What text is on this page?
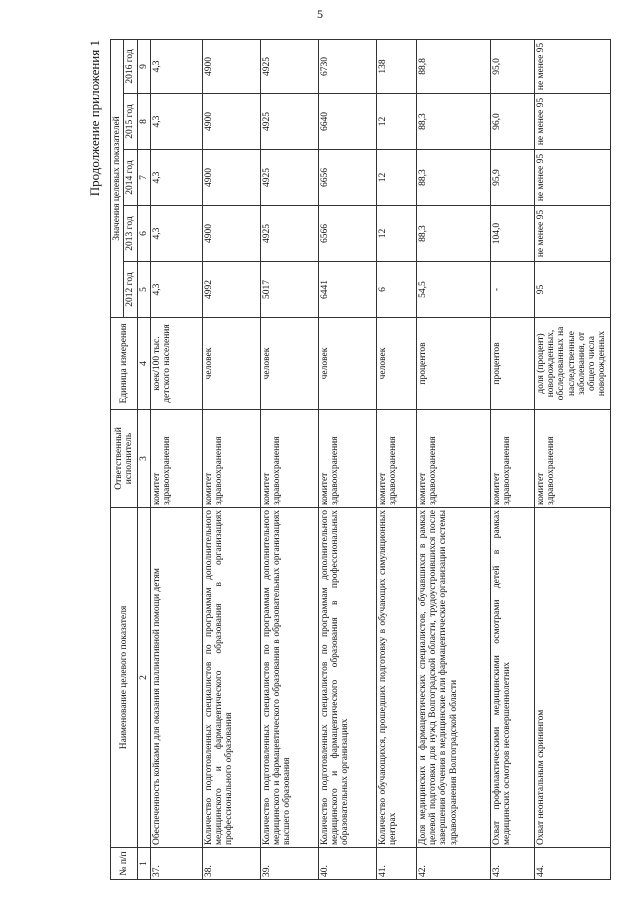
5
Продолжение приложения 1
№ п/п	Наименование целевого показателя	Ответственный исполнитель	Единица измерения	Значения целевых показателей				
				2012 год	2013 год	2014 год	2015 год	2016 год
1	2	3	4	5	6	7	8	9
37.	Обеспеченность койками для оказания паллиативной помощи детям	комитет здравоохранения	коек/100 тыс. детского населения	4,3	4,3	4,3	4,3	4,3
38.	Количество подготовленных специалистов по программам дополнительного медицинского и фармацевтического образования в организациях профессионального образования	комитет здравоохранения	человек	4992	4900	4900	4900	4900
39.	Количество подготовленных специалистов по программам дополнительного медицинского и фармацевтического образования в образовательных организациях высшего образования	комитет здравоохранения	человек	5017	4925	4925	4925	4925
40.	Количество подготовленных специалистов по программам дополнительного медицинского и фармацевтического образования в профессиональных образовательных организациях	комитет здравоохранения	человек	6441	6566	6656	6640	6730
41.	Количество обучающихся, прошедших подготовку в обучающих симуляционных центрах	комитет здравоохранения	человек	6	12	12	12	138
42.	Доля медицинских и фармацевтических специалистов, обучавшихся в рамках целевой подготовки для нужд Волгоградской области, трудоустроившихся после завершения обучения в медицинские или фармацевтические организации системы здравоохранения Волгоградской области	комитет здравоохранения	процентов	54,5	88,3	88,3	88,3	88,8
43.	Охват профилактическими медицинскими осмотрами детей в рамках медицинских осмотров несовершеннолетних	комитет здравоохранения	процентов	-	104,0	95,9	96,0	95,0
44.	Охват неонатальным скринингом	комитет здравоохранения	доля (процент) новорожденных, обследованных на наследственные заболевания, от общего числа новорожденных	95	не менее 95	не менее 95	не менее 95	не менее 95
